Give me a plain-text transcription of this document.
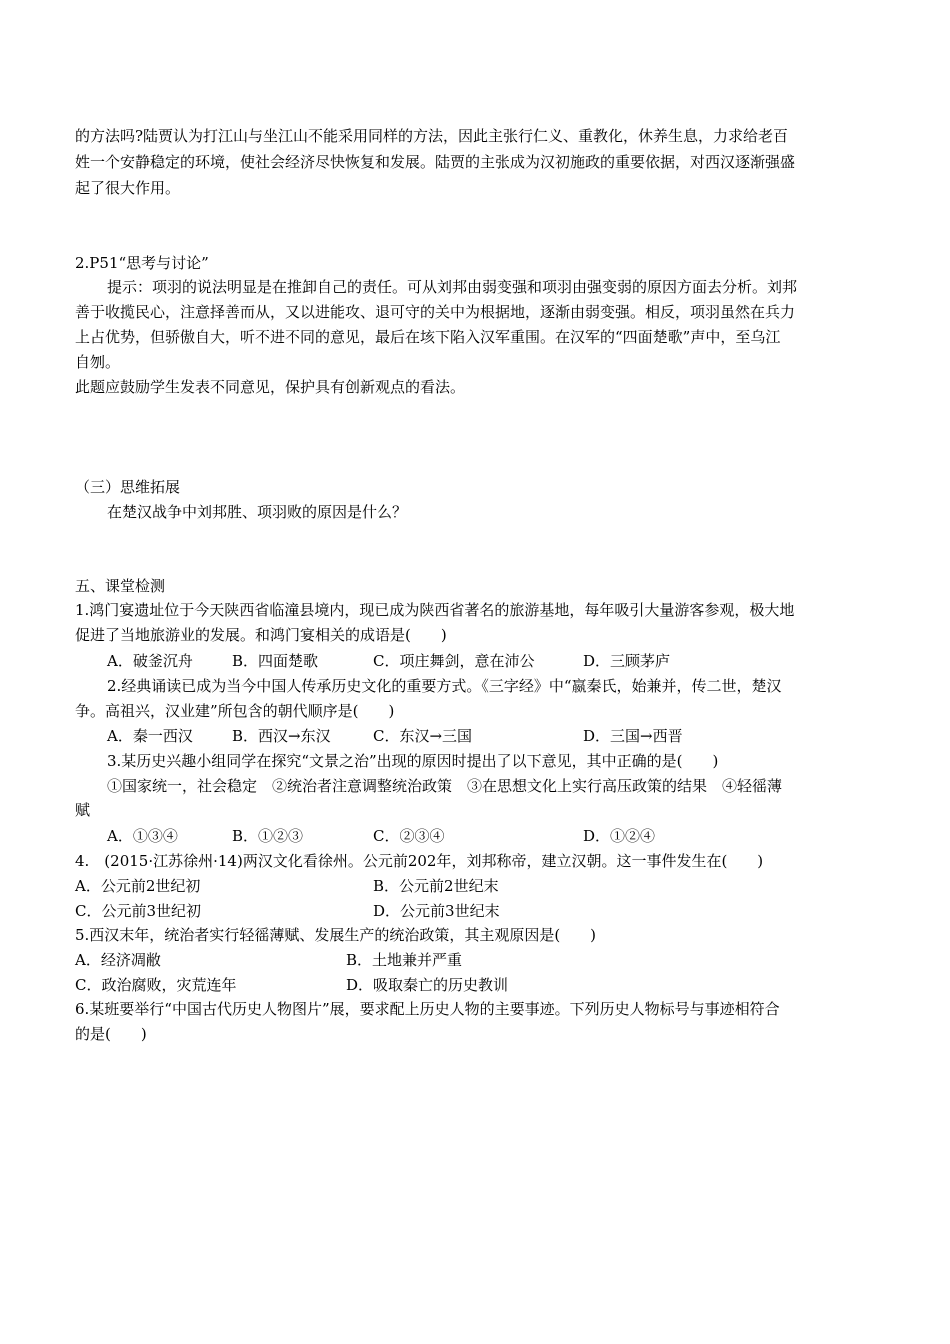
的方法吗?陆贾认为打江山与坐江山不能采用同样的方法，因此主张行仁义、重教化，休养生息，力求给老百
姓一个安静稳定的环境，使社会经济尽快恢复和发展。陆贾的主张成为汉初施政的重要依据，对西汉逐渐强盛
起了很大作用。
2.P51“思考与讨论”
提示：项羽的说法明显是在推卸自己的责任。可从刘邦由弱变强和项羽由强变弱的原因方面去分析。刘邦
善于收揽民心，注意择善而从，又以进能攻、退可守的关中为根据地，逐渐由弱变强。相反，项羽虽然在兵力
上占优势，但骄傲自大，听不进不同的意见，最后在垓下陷入汉军重围。在汉军的“四面楚歌”声中，至乌江
自刎。
此题应鼓励学生发表不同意见，保护具有创新观点的看法。
（三）思维拓展
在楚汉战争中刘邦胜、项羽败的原因是什么？
五、课堂检测
1.鸿门宴遗址位于今天陕西省临潼县境内，现已成为陕西省著名的旅游基地，每年吸引大量游客参观，极大地
促进了当地旅游业的发展。和鸿门宴相关的成语是(　　)
A．破釜沉舟	B．四面楚歌	C．项庄舞剑，意在沛公	D．三顾茅庐
2.经典诵读已成为当今中国人传承历史文化的重要方式。《三字经》中“嬴秦氏，始兼并，传二世，楚汉
争。高祖兴，汉业建”所包含的朝代顺序是(　　)
A．秦一西汉	B．西汉→东汉	C．东汉→三国	D．三国→西晋
3.某历史兴趣小组同学在探究“文景之治”出现的原因时提出了以下意见，其中正确的是(　　)
①国家统一，社会稳定　②统治者注意调整统治政策　③在思想文化上实行高压政策的结果　④轻徭薄
赋
A．①③④	B．①②③	C．②③④	D．①②④
4.　(2015·江苏徐州·14)两汉文化看徐州。公元前202年，刘邦称帝，建立汉朝。这一事件发生在(　　)
A．公元前2世纪初	B．公元前2世纪末
C．公元前3世纪初	D．公元前3世纪末
5.西汉末年，统治者实行轻徭薄赋、发展生产的统治政策，其主观原因是(　　)
A．经济凋敝	B．土地兼并严重
C．政治腐败，灾荒连年	D．吸取秦亡的历史教训
6.某班要举行“中国古代历史人物图片”展，要求配上历史人物的主要事迹。下列历史人物标号与事迹相符合
的是(　　)
